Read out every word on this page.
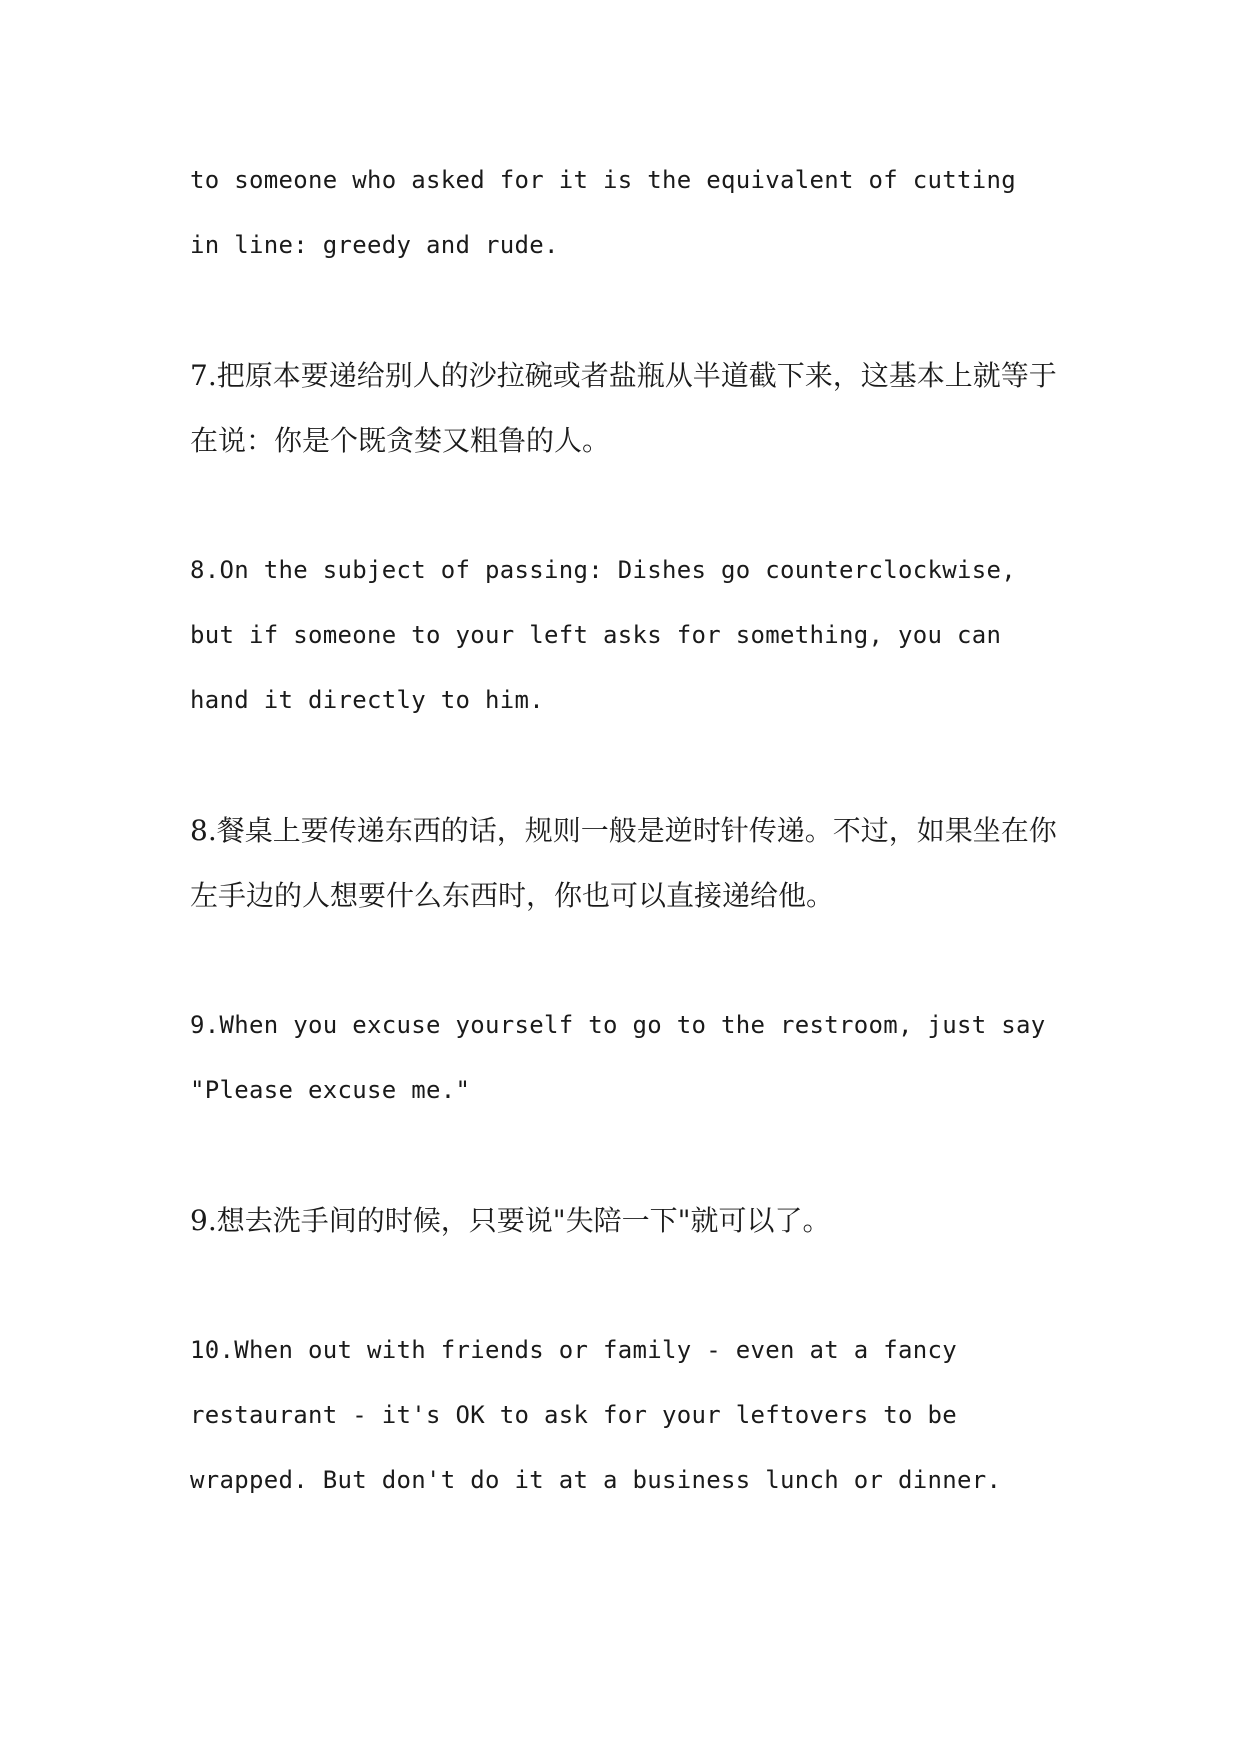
to someone who asked for it is the equivalent of cutting in line: greedy and rude.

7.把原本要递给别人的沙拉碗或者盐瓶从半道截下来，这基本上就等于在说：你是个既贪婪又粗鲁的人。

8.On the subject of passing: Dishes go counterclockwise, but if someone to your left asks for something, you can hand it directly to him.

8.餐桌上要传递东西的话，规则一般是逆时针传递。不过，如果坐在你左手边的人想要什么东西时，你也可以直接递给他。

9.When you excuse yourself to go to the restroom, just say "Please excuse me."

9.想去洗手间的时候，只要说"失陪一下"就可以了。

10.When out with friends or family - even at a fancy restaurant - it's OK to ask for your leftovers to be wrapped. But don't do it at a business lunch or dinner.
